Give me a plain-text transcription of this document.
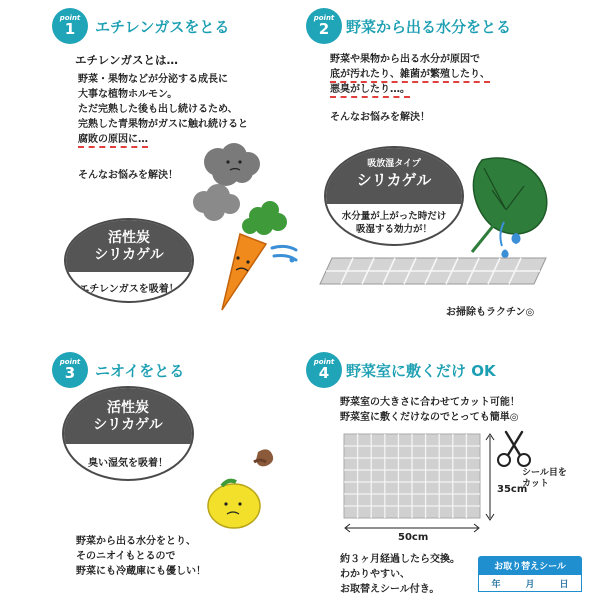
point
1 エチレンガスをとる
エチレンガスとは…
野菜・果物などが分泌する成長に
大事な植物ホルモン。
ただ完熟した後も出し続けるため、
完熟した青果物がガスに触れ続けると
腐敗の原因に…
そんなお悩みを解決！
活性炭
シリカゲル
エチレンガスを吸着！
point
2 野菜から出る水分をとる
野菜や果物から出る水分が原因で
底が汚れたり、雑菌が繁殖したり、
悪臭がしたり…。
そんなお悩みを解決！
吸放湿タイプ
シリカゲル
水分量が上がった時だけ
吸湿する効力が！
お掃除もラクチン◎
point
3 ニオイをとる
活性炭
シリカゲル
臭い湿気を吸着！
野菜から出る水分をとり、
そのニオイもとるので
野菜にも冷蔵庫にも優しい！
point
4 野菜室に敷くだけ OK
野菜室の大きさに合わせてカット可能！
野菜室に敷くだけなのでとっても簡単◎
シール目を
カット
35cm
50cm
約３ヶ月経過したら交換。
わかりやすい、
お取替えシール付き。
お取り替えシール
年	月	日
